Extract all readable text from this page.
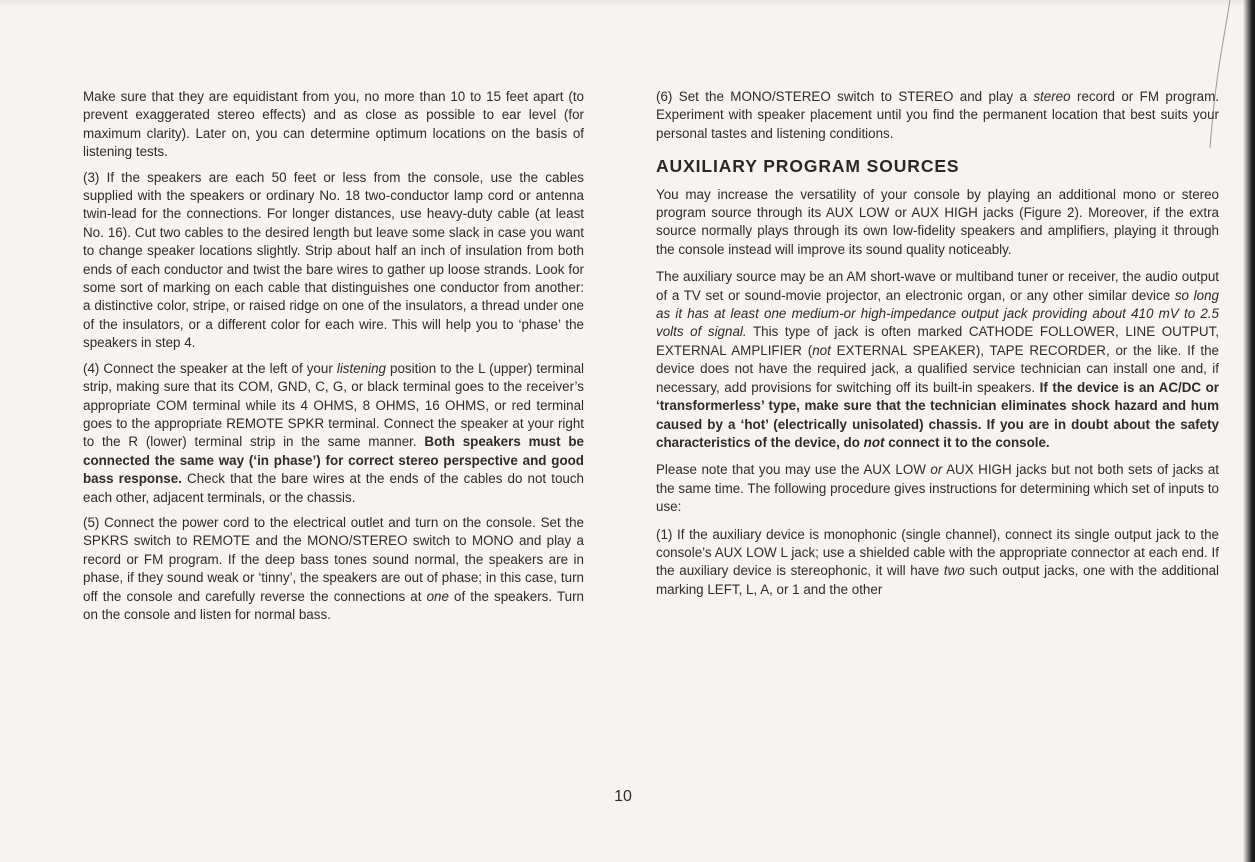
Make sure that they are equidistant from you, no more than 10 to 15 feet apart (to prevent exaggerated stereo effects) and as close as possible to ear level (for maximum clarity). Later on, you can determine optimum locations on the basis of listening tests.

(3) If the speakers are each 50 feet or less from the console, use the cables supplied with the speakers or ordinary No. 18 two-conductor lamp cord or antenna twin-lead for the connections. For longer distances, use heavy-duty cable (at least No. 16). Cut two cables to the desired length but leave some slack in case you want to change speaker locations slightly. Strip about half an inch of insulation from both ends of each conductor and twist the bare wires to gather up loose strands. Look for some sort of marking on each cable that distinguishes one conductor from another: a distinctive color, stripe, or raised ridge on one of the insulators, a thread under one of the insulators, or a different color for each wire. This will help you to ‘phase’ the speakers in step 4.

(4) Connect the speaker at the left of your listening position to the L (upper) terminal strip, making sure that its COM, GND, C, G, or black terminal goes to the receiver’s appropriate COM terminal while its 4 OHMS, 8 OHMS, 16 OHMS, or red terminal goes to the appropriate REMOTE SPKR terminal. Connect the speaker at your right to the R (lower) terminal strip in the same manner. Both speakers must be connected the same way (‘in phase’) for correct stereo perspective and good bass response. Check that the bare wires at the ends of the cables do not touch each other, adjacent terminals, or the chassis.

(5) Connect the power cord to the electrical outlet and turn on the console. Set the SPKRS switch to REMOTE and the MONO/STEREO switch to MONO and play a record or FM program. If the deep bass tones sound normal, the speakers are in phase, if they sound weak or ‘tinny’, the speakers are out of phase; in this case, turn off the console and carefully reverse the connections at one of the speakers. Turn on the console and listen for normal bass.

(6) Set the MONO/STEREO switch to STEREO and play a stereo record or FM program. Experiment with speaker placement until you find the permanent location that best suits your personal tastes and listening conditions.

AUXILIARY PROGRAM SOURCES

You may increase the versatility of your console by playing an additional mono or stereo program source through its AUX LOW or AUX HIGH jacks (Figure 2). Moreover, if the extra source normally plays through its own low-fidelity speakers and amplifiers, playing it through the console instead will improve its sound quality noticeably.

The auxiliary source may be an AM short-wave or multiband tuner or receiver, the audio output of a TV set or sound-movie projector, an electronic organ, or any other similar device so long as it has at least one medium-or high-impedance output jack providing about 410 mV to 2.5 volts of signal. This type of jack is often marked CATHODE FOLLOWER, LINE OUTPUT, EXTERNAL AMPLIFIER (not EXTERNAL SPEAKER), TAPE RECORDER, or the like. If the device does not have the required jack, a qualified service technician can install one and, if necessary, add provisions for switching off its built-in speakers. If the device is an AC/DC or ‘transformerless’ type, make sure that the technician eliminates shock hazard and hum caused by a ‘hot’ (electrically unisolated) chassis. If you are in doubt about the safety characteristics of the device, do not connect it to the console.

Please note that you may use the AUX LOW or AUX HIGH jacks but not both sets of jacks at the same time. The following procedure gives instructions for determining which set of inputs to use:

(1) If the auxiliary device is monophonic (single channel), connect its single output jack to the console’s AUX LOW L jack; use a shielded cable with the appropriate connector at each end. If the auxiliary device is stereophonic, it will have two such output jacks, one with the additional marking LEFT, L, A, or 1 and the other

10
